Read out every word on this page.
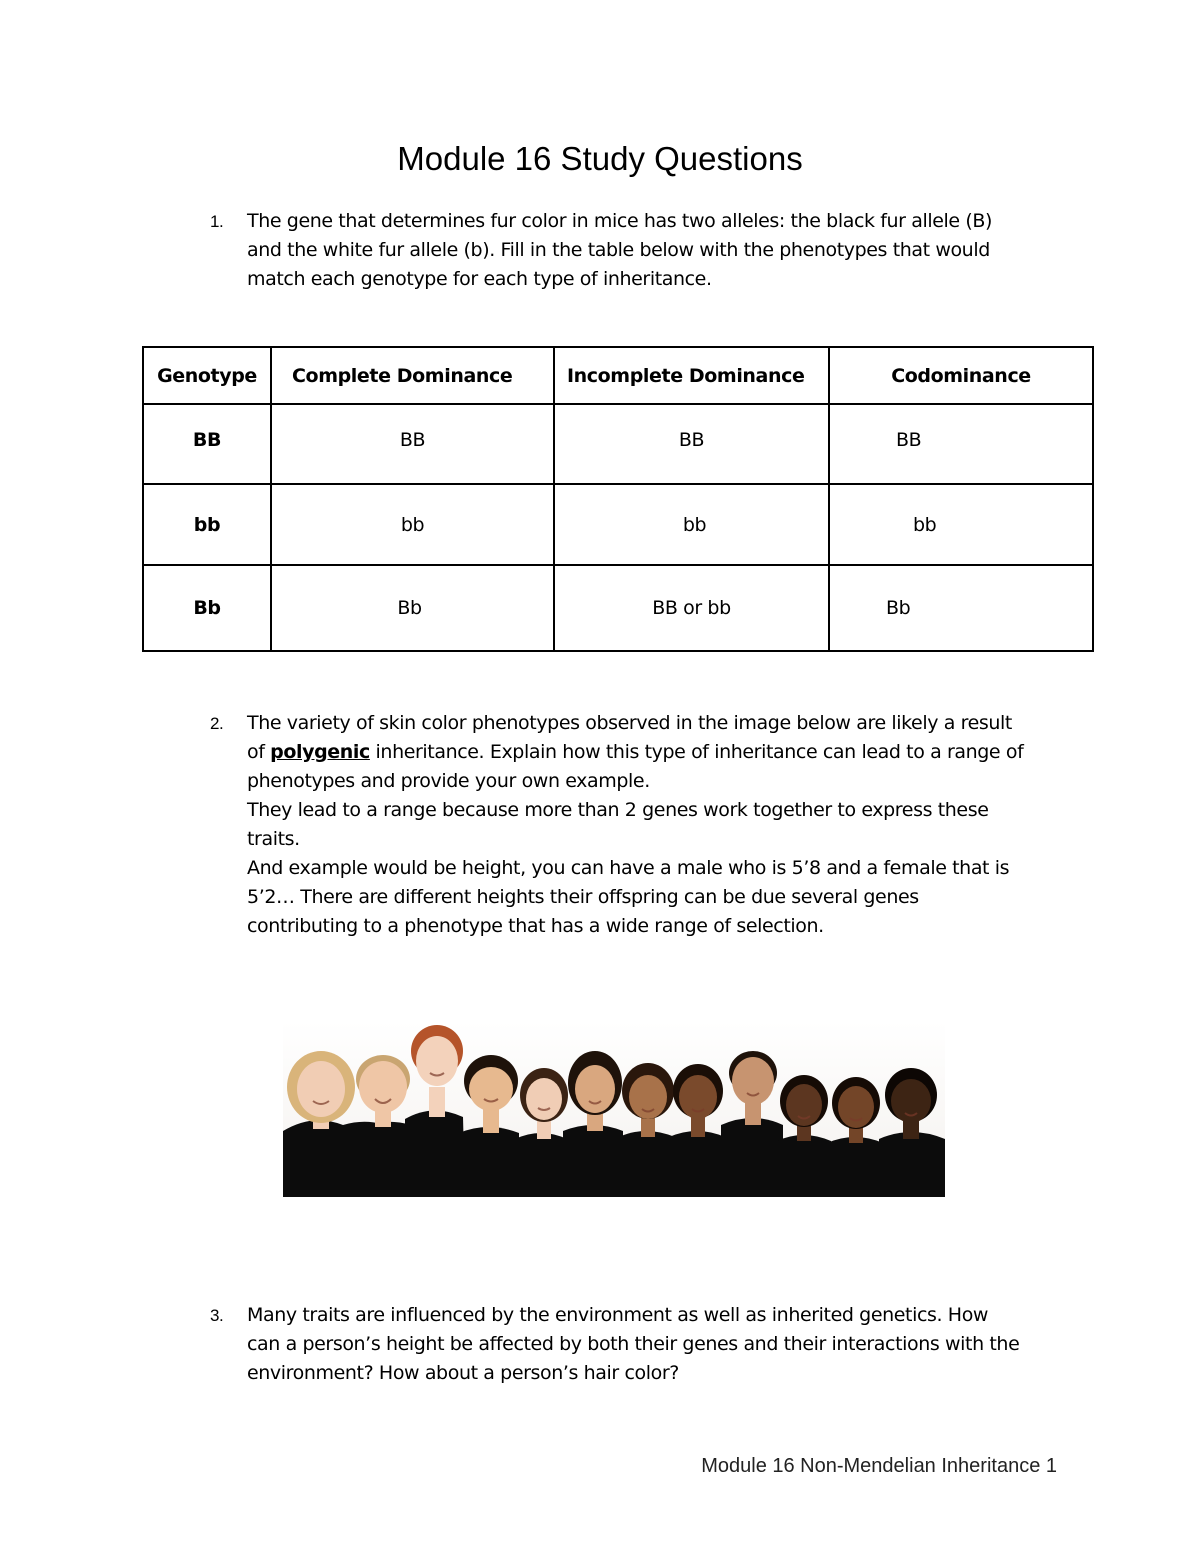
Module 16 Study Questions
1.	The gene that determines fur color in mice has two alleles: the black fur allele (B)
and the white fur allele (b). Fill in the table below with the phenotypes that would
match each genotype for each type of inheritance.
Genotype	Complete Dominance	Incomplete Dominance	Codominance
BB	BB	BB	BB
bb	bb	bb	bb
Bb	Bb	BB or bb	Bb
2.	The variety of skin color phenotypes observed in the image below are likely a result
of polygenic inheritance. Explain how this type of inheritance can lead to a range of
phenotypes and provide your own example.
They lead to a range because more than 2 genes work together to express these
traits.
And example would be height, you can have a male who is 5’8 and a female that is
5’2… There are different heights their offspring can be due several genes
contributing to a phenotype that has a wide range of selection.
3.	Many traits are influenced by the environment as well as inherited genetics. How
can a person’s height be affected by both their genes and their interactions with the
environment? How about a person’s hair color?
Module 16 Non-Mendelian Inheritance 1
